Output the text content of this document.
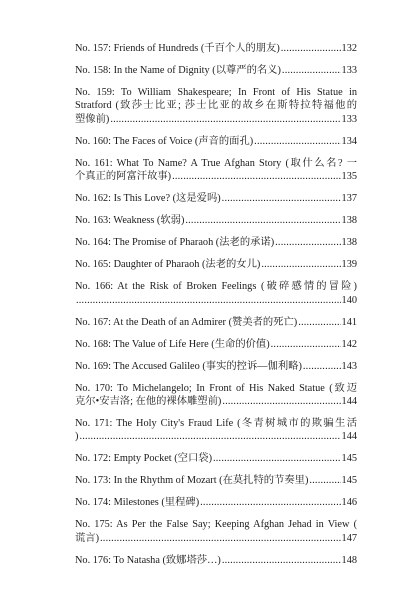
No. 157: Friends of Hundreds (千百个人的朋友) .....	132
No. 158: In the Name of Dignity (以尊严的名义) .....	133
No. 159: To William Shakespeare; In Front of His Statue in Stratford (致莎士比亚; 莎士比亚的故乡在斯特拉特福他的
塑像前) .....	133
No. 160: The Faces of Voice (声音的面孔) .....	134
No. 161: What To Name? A True Afghan Story (取什么名? 一
个真正的阿富汗故事) .....	135
No. 162: Is This Love? (这是爱吗) .....	137
No. 163: Weakness (软弱) .....	138
No. 164: The Promise of Pharaoh (法老的承诺) .....	138
No. 165: Daughter of Pharaoh (法老的女儿) .....	139
No. 166: At the Risk of Broken Feelings (破碎感情的冒险)
.....
140
No. 167: At the Death of an Admirer (赞美者的死亡) .....	141
No. 168: The Value of Life Here (生命的价值) .....	142
No. 169: The Accused Galileo (事实的控诉—伽利略) .....	143
No. 170: To Michelangelo; In Front of His Naked Statue (致迈
克尔•安吉洛; 在他的裸体雕塑前) .....	144
No. 171: The Holy City's Fraud Life (冬青树城市的欺骗生活
) .....	144
No. 172: Empty Pocket (空口袋) .....	145
No. 173: In the Rhythm of Mozart (在莫扎特的节奏里) .....	145
No. 174: Milestones (里程碑) .....	146
No. 175: As Per the False Say; Keeping Afghan Jehad in View (
谎言) .....	147
No. 176: To Natasha (致娜塔莎…) .....	148
